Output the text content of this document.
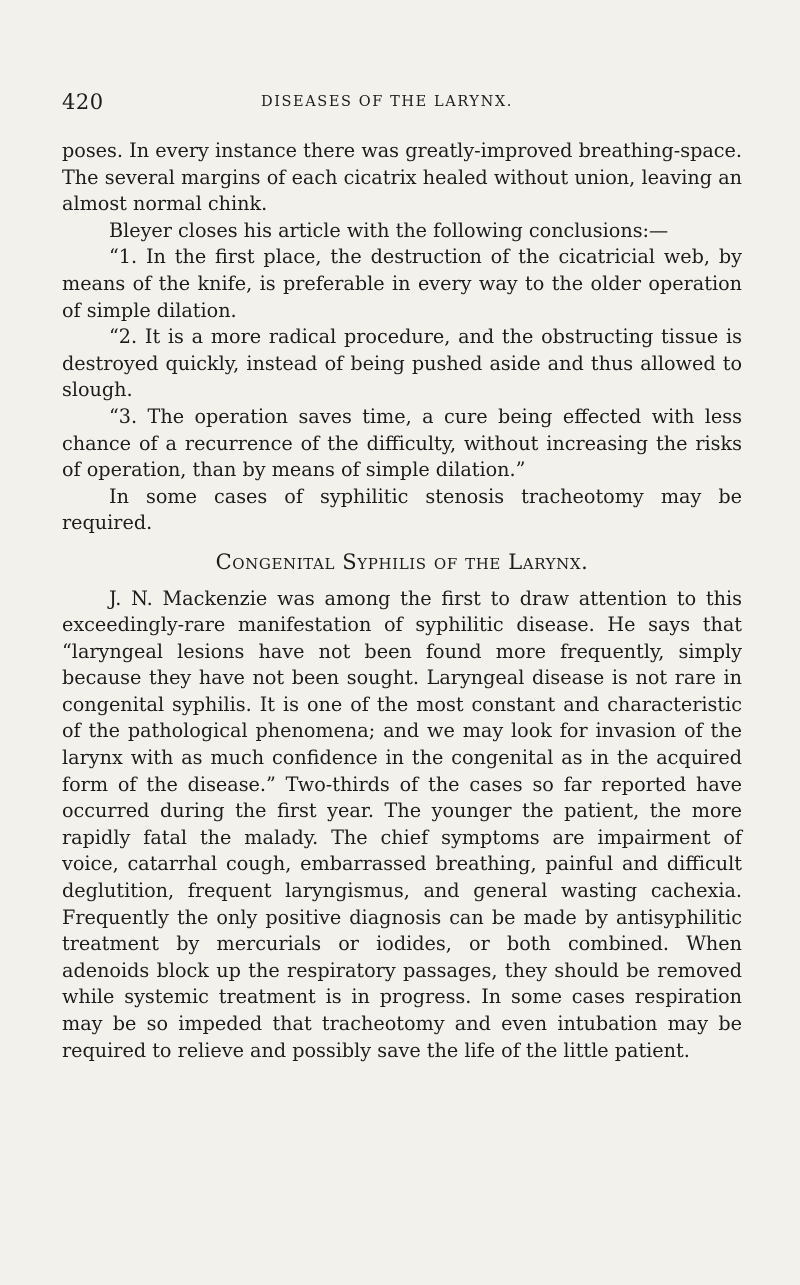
420	DISEASES OF THE LARYNX.

poses. In every instance there was greatly-improved breathing-space. The several margins of each cicatrix healed without union, leaving an almost normal chink.

Bleyer closes his article with the following conclusions:—

“1. In the first place, the destruction of the cicatricial web, by means of the knife, is preferable in every way to the older operation of simple dilation.

“2. It is a more radical procedure, and the obstructing tissue is destroyed quickly, instead of being pushed aside and thus allowed to slough.

“3. The operation saves time, a cure being effected with less chance of a recurrence of the difficulty, without increasing the risks of operation, than by means of simple dilation.”

In some cases of syphilitic stenosis tracheotomy may be required.

Congenital Syphilis of the Larynx.

J. N. Mackenzie was among the first to draw attention to this exceedingly-rare manifestation of syphilitic disease. He says that “laryngeal lesions have not been found more frequently, simply because they have not been sought. Laryngeal disease is not rare in congenital syphilis. It is one of the most constant and characteristic of the pathological phenomena; and we may look for invasion of the larynx with as much confidence in the congenital as in the acquired form of the disease.” Two-thirds of the cases so far reported have occurred during the first year. The younger the patient, the more rapidly fatal the malady. The chief symptoms are impairment of voice, catarrhal cough, embarrassed breathing, painful and difficult deglutition, frequent laryngismus, and general wasting cachexia. Frequently the only positive diagnosis can be made by antisyphilitic treatment by mercurials or iodides, or both combined. When adenoids block up the respiratory passages, they should be removed while systemic treatment is in progress. In some cases respiration may be so impeded that tracheotomy and even intubation may be required to relieve and possibly save the life of the little patient.
